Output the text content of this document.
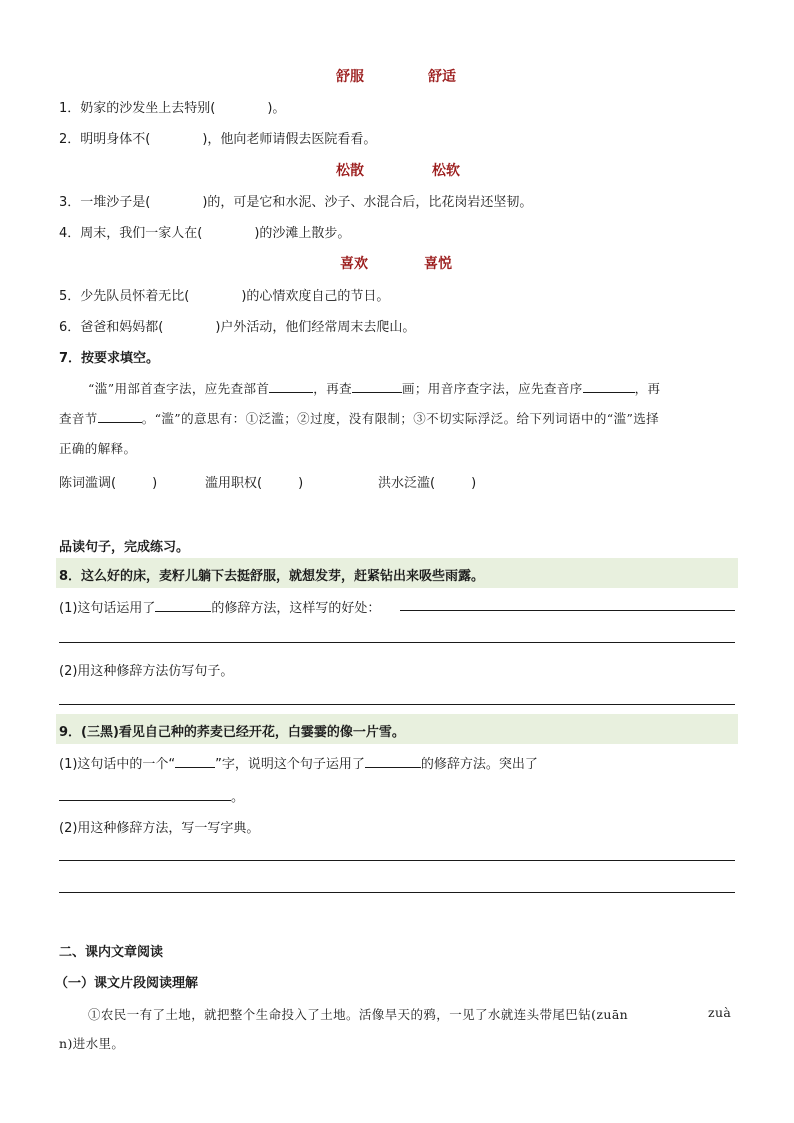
舒服	舒适
1．奶家的沙发坐上去特别(	)。
2．明明身体不(	)，他向老师请假去医院看看。
松散	松软
3．一堆沙子是(	)的，可是它和水泥、沙子、水混合后，比花岗岩还坚韧。
4．周末，我们一家人在(	)的沙滩上散步。
喜欢	喜悦
5．少先队员怀着无比(	)的心情欢度自己的节日。
6．爸爸和妈妈都(	)户外活动，他们经常周末去爬山。
7．按要求填空。
“滥”用部首查字法，应先查部首	，再查	画；用音序查字法，应先查音序	，再
查音节	。“滥”的意思有：①泛滥；②过度，没有限制；③不切实际浮泛。给下列词语中的“滥”选择
正确的解释。
陈词滥调(	)	滥用职权(	)	洪水泛滥(	)
品读句子，完成练习。
8．这么好的床，麦籽儿躺下去挺舒服，就想发芽，赶紧钻出来吸些雨露。
(1)这句话运用了	的修辞方法，这样写的好处：
(2)用这种修辞方法仿写句子。
9．(三黑)看见自己种的荞麦已经开花，白霎霎的像一片雪。
(1)这句话中的一个“	”字，说明这个句子运用了	的修辞方法。突出了
。
(2)用这种修辞方法，写一写字典。
二、课内文章阅读
（一）课文片段阅读理解
①农民一有了土地，就把整个生命投入了土地。活像旱天的鸦，一见了水就连头带尾巴钻(zuān	zuà
n)进水里。
